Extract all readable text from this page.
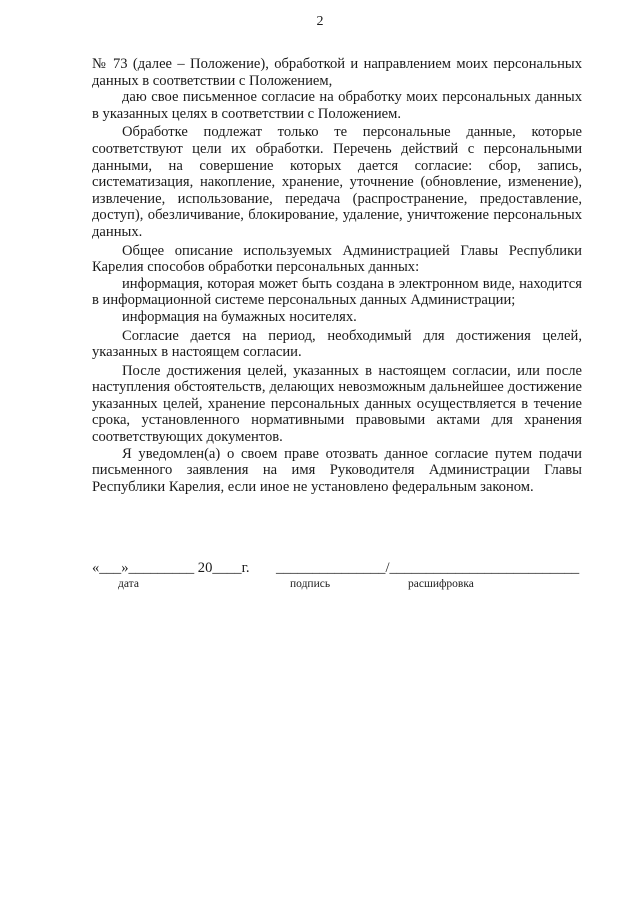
2

№ 73 (далее – Положение), обработкой и направлением моих персональных данных в соответствии с Положением,

даю свое письменное согласие на обработку моих персональных данных в указанных целях в соответствии с Положением.

Обработке подлежат только те персональные данные, которые соответствуют цели их обработки. Перечень действий с персональными данными, на совершение которых дается согласие: сбор, запись, систематизация, накопление, хранение, уточнение (обновление, изменение), извлечение, использование, передача (распространение, предоставление, доступ), обезличивание, блокирование, удаление, уничтожение персональных данных.

Общее описание используемых Администрацией Главы Республики Карелия способов обработки персональных данных:

информация, которая может быть создана в электронном виде, находится в информационной системе персональных данных Администрации;

информация на бумажных носителях.

Согласие дается на период, необходимый для достижения целей, указанных в настоящем согласии.

После достижения целей, указанных в настоящем согласии, или после наступления обстоятельств, делающих невозможным дальнейшее достижение указанных целей, хранение персональных данных осуществляется в течение срока, установленного нормативными правовыми актами для хранения соответствующих документов.

Я уведомлен(а) о своем праве отозвать данное согласие путем подачи письменного заявления на имя Руководителя Администрации Главы Республики Карелия, если иное не установлено федеральным законом.

«___»_________ 20____г. _______________/__________________________
дата	подпись	расшифровка
